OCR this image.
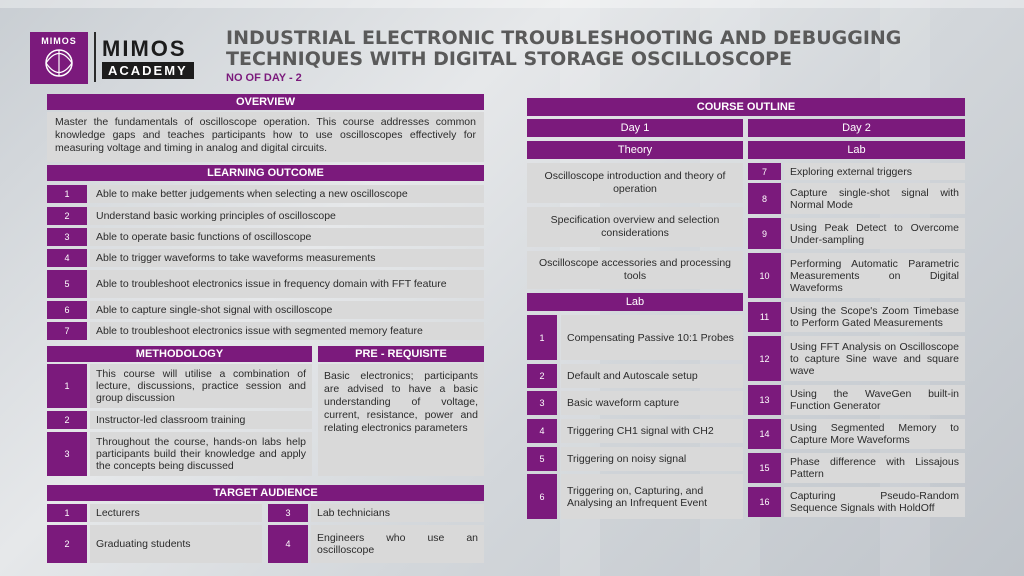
MIMOS	MIMOS
ACADEMY
INDUSTRIAL ELECTRONIC TROUBLESHOOTING AND DEBUGGING TECHNIQUES WITH DIGITAL STORAGE OSCILLOSCOPE
NO OF DAY - 2
OVERVIEW
Master the fundamentals of oscilloscope operation. This course addresses common knowledge gaps and teaches participants how to use oscilloscopes effectively for measuring voltage and timing in analog and digital circuits.
LEARNING OUTCOME
1	Able to make better judgements when selecting a new oscilloscope
2	Understand basic working principles of oscilloscope
3	Able to operate basic functions of oscilloscope
4	Able to trigger waveforms to take waveforms measurements
5	Able to troubleshoot electronics issue in frequency domain with FFT feature
6	Able to capture single-shot signal with oscilloscope
7	Able to troubleshoot electronics issue with segmented memory feature
METHODOLOGY
1
This course will utilise a combination of lecture, discussions, practice session and group discussion
2	Instructor-led classroom training
3
Throughout the course, hands-on labs help participants build their knowledge and apply the concepts being discussed
PRE - REQUISITE
Basic electronics; participants are advised to have a basic understanding of voltage, current, resistance, power and relating electronics parameters
TARGET AUDIENCE
1	Lecturers
2	Graduating students
3	Lab technicians
4	Engineers who use an oscilloscope
COURSE OUTLINE
Day 1	Day 2
Theory	Lab
Oscilloscope introduction and theory of operation
Specification overview and selection considerations
Oscilloscope accessories and processing tools
Lab
1	Compensating Passive 10:1 Probes
2	Default and Autoscale setup
3	Basic waveform capture
4	Triggering CH1 signal with CH2
5	Triggering on noisy signal
6	Triggering on, Capturing, and Analysing an Infrequent Event
7	Exploring external triggers
8	Capture single-shot signal with Normal Mode
9	Using Peak Detect to Overcome Under-sampling
10
Performing Automatic Parametric Measurements on Digital Waveforms
11	Using the Scope's Zoom Timebase to Perform Gated Measurements
12
Using FFT Analysis on Oscilloscope to capture Sine wave and square wave
13	Using the WaveGen built-in Function Generator
14	Using Segmented Memory to Capture More Waveforms
15	Phase difference with Lissajous Pattern
16	Capturing Pseudo-Random Sequence Signals with HoldOff
